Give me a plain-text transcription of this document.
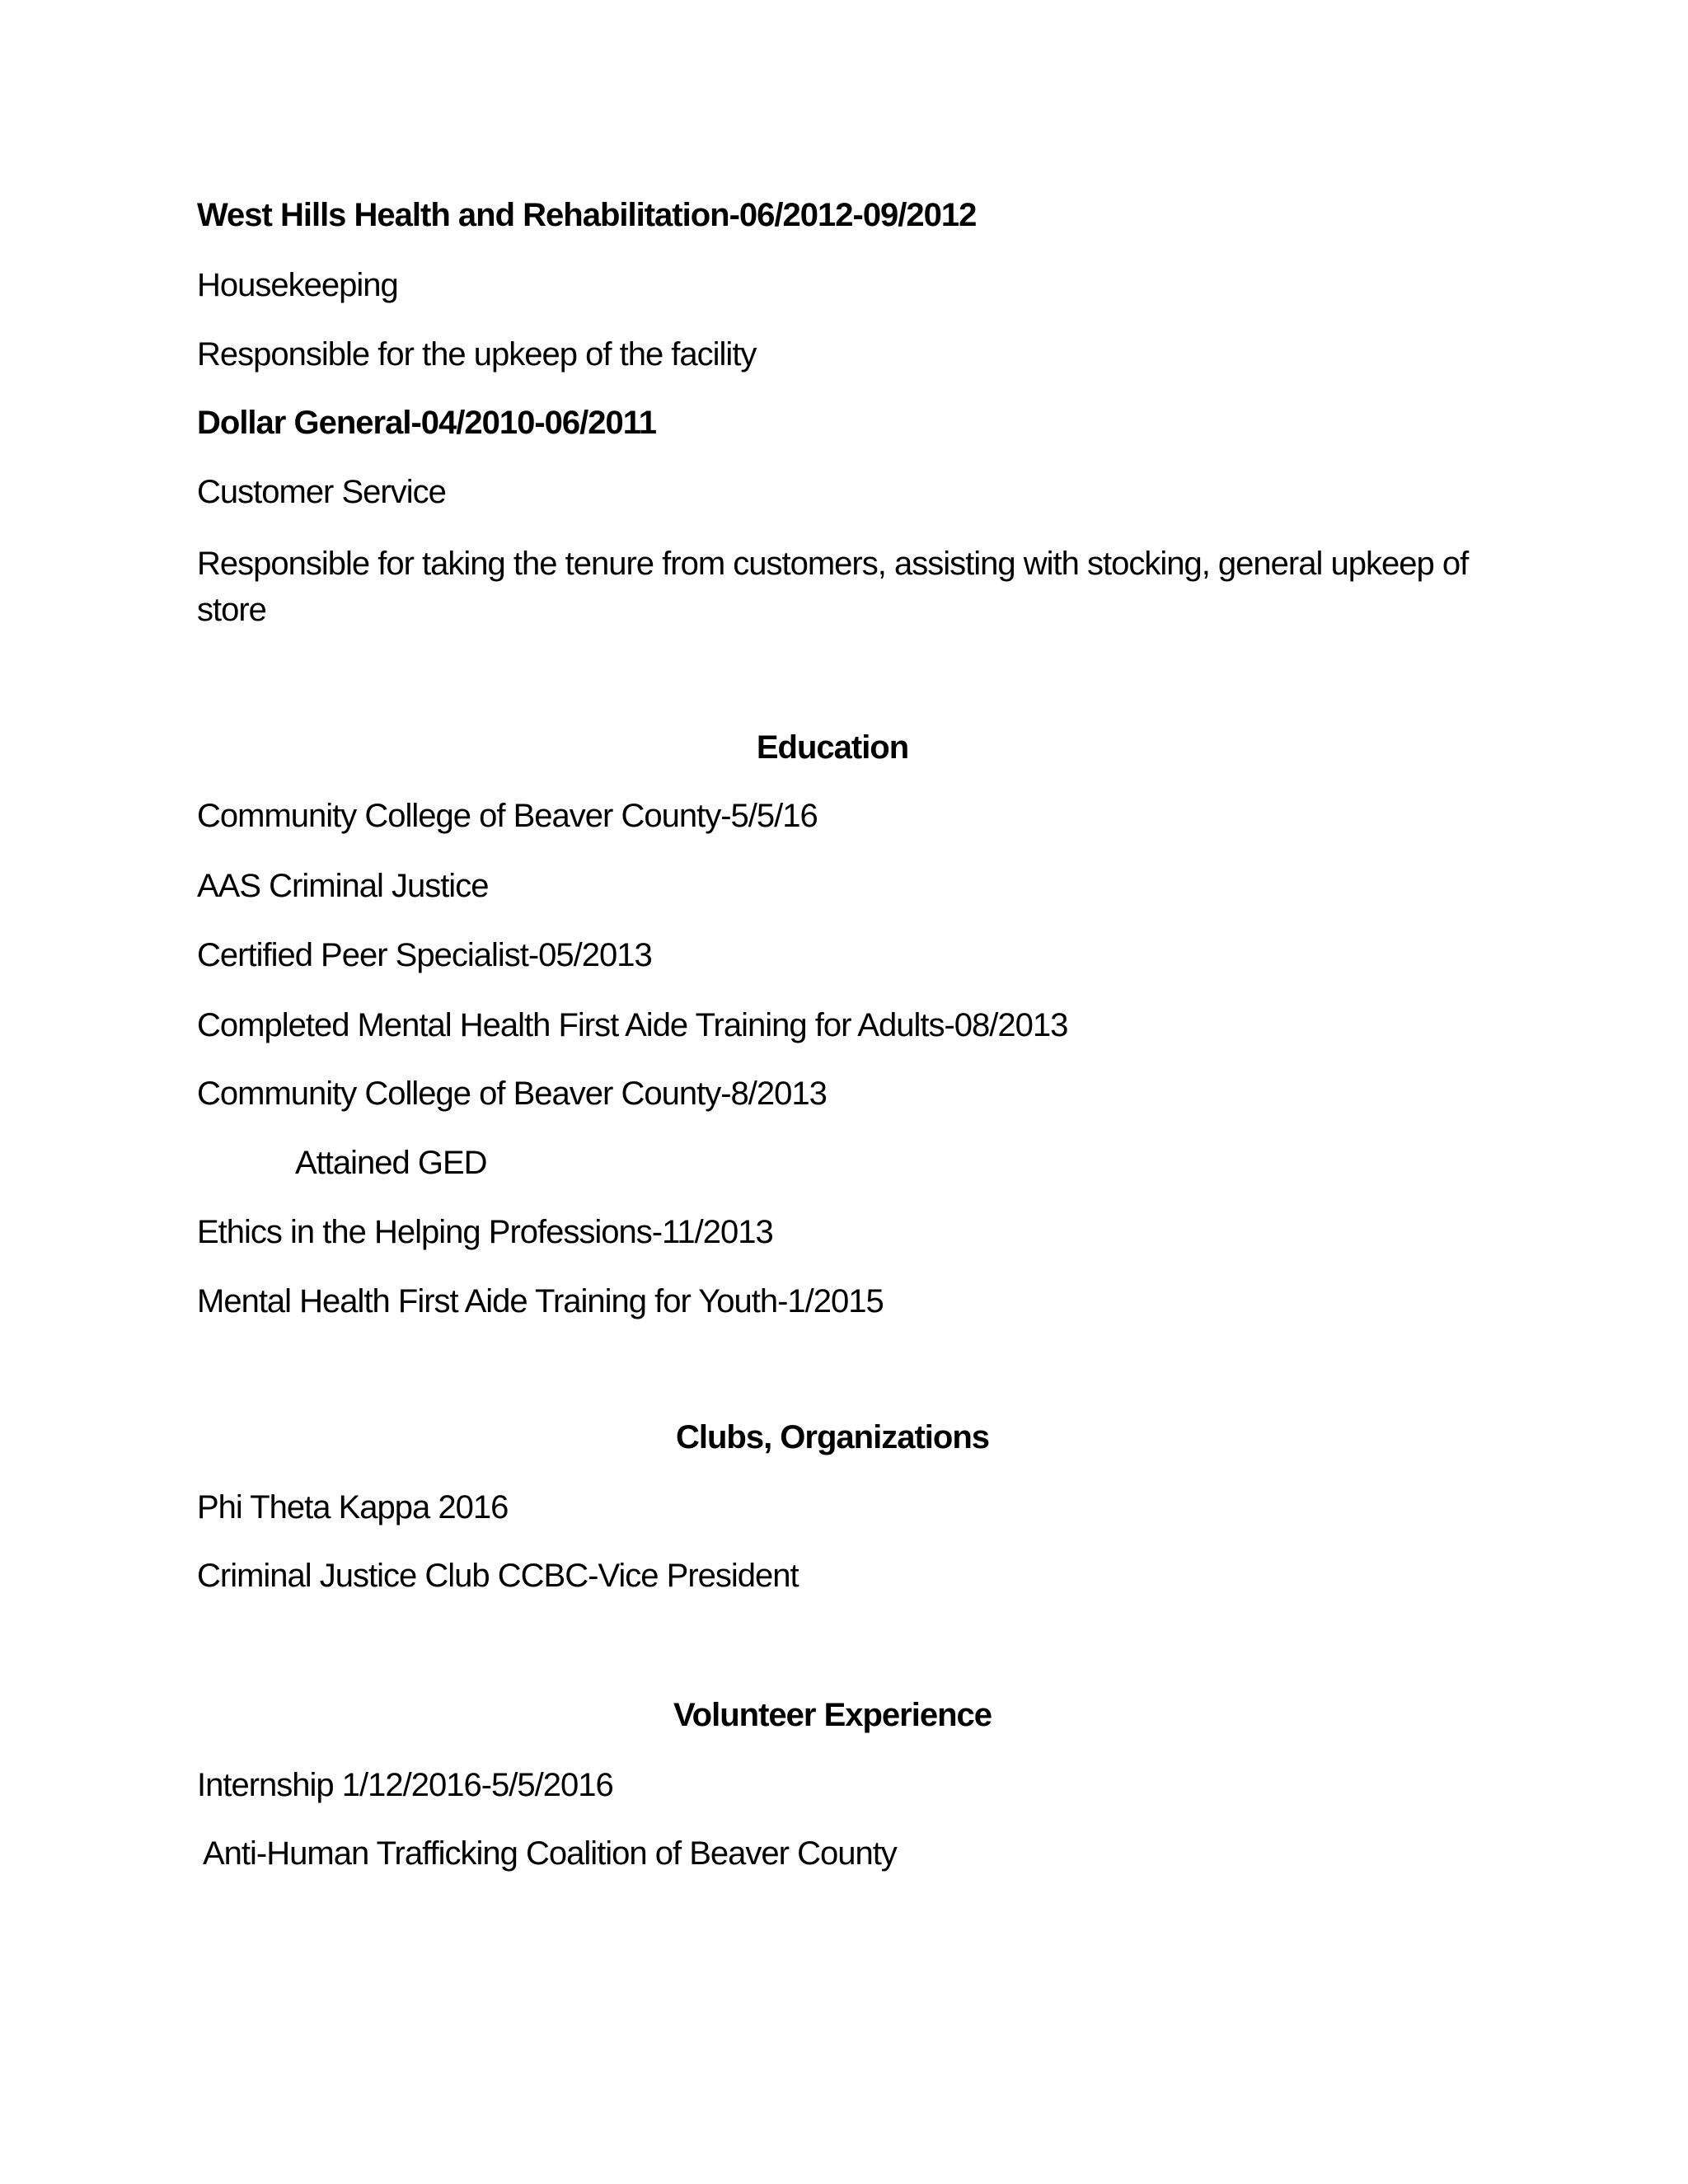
West Hills Health and Rehabilitation-06/2012-09/2012
Housekeeping
Responsible for the upkeep of the facility
Dollar General-04/2010-06/2011
Customer Service
Responsible for taking the tenure from customers, assisting with stocking, general upkeep of store
Education
Community College of Beaver County-5/5/16
AAS Criminal Justice
Certified Peer Specialist-05/2013
Completed Mental Health First Aide Training for Adults-08/2013
Community College of Beaver County-8/2013
Attained GED
Ethics in the Helping Professions-11/2013
Mental Health First Aide Training for Youth-1/2015
Clubs, Organizations
Phi Theta Kappa 2016
Criminal Justice Club CCBC-Vice President
Volunteer Experience
Internship 1/12/2016-5/5/2016
Anti-Human Trafficking Coalition of Beaver County
